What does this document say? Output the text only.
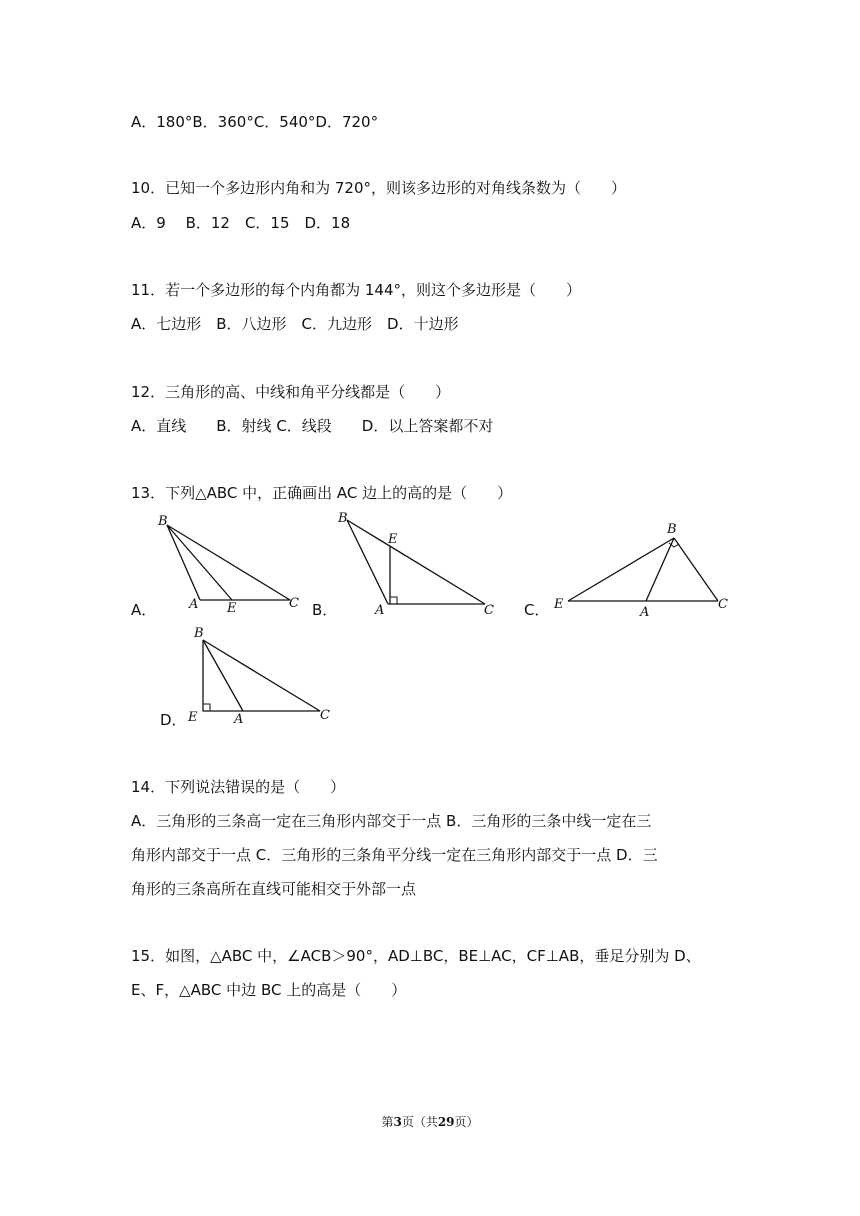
A．180°B．360°C．540°D．720°
10．已知一个多边形内角和为 720°，则该多边形的对角线条数为（　　）
A．9　 B．12　C．15　D．18
11．若一个多边形的每个内角都为 144°，则这个多边形是（　　）
A．七边形　B．八边形　C．九边形　D．十边形
12．三角形的高、中线和角平分线都是（　　）
A．直线　　B．射线 C．线段　　D．以上答案都不对
13．下列△ABC 中，正确画出 AC 边上的高的是（　　）
A．
B
A E	C B．
B
E
A	C C．
B
E
A
C
D．
B
E	A	C
14．下列说法错误的是（　　）
A．三角形的三条高一定在三角形内部交于一点 B．三角形的三条中线一定在三
角形内部交于一点 C．三角形的三条角平分线一定在三角形内部交于一点 D．三
角形的三条高所在直线可能相交于外部一点
15．如图，△ABC 中，∠ACB＞90°，AD⊥BC，BE⊥AC，CF⊥AB，垂足分别为 D、
E、F，△ABC 中边 BC 上的高是（　　）
第3页（共29页）
